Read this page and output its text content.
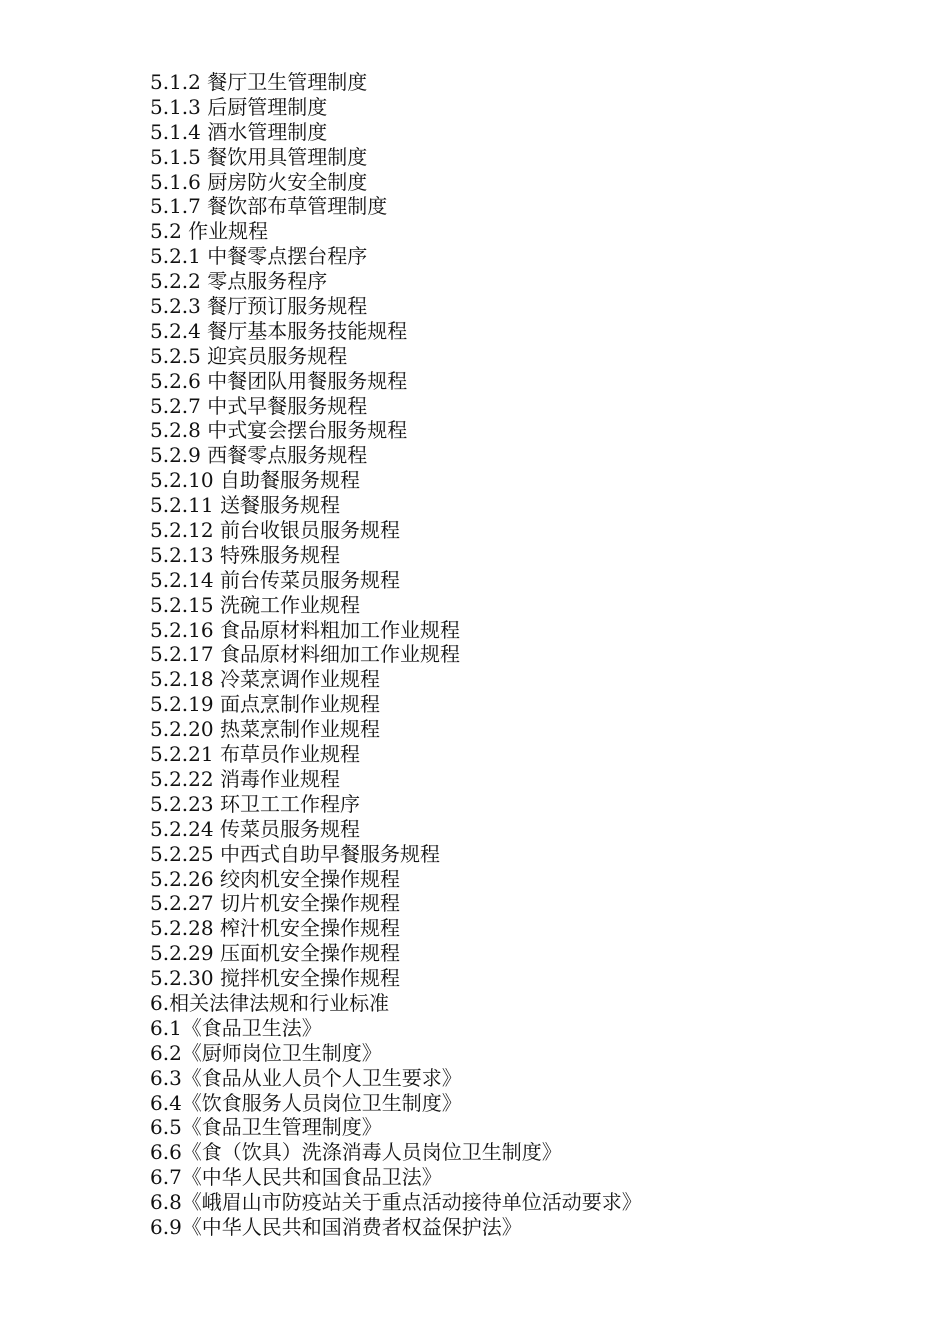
5.1.2 餐厅卫生管理制度
5.1.3 后厨管理制度
5.1.4 酒水管理制度
5.1.5 餐饮用具管理制度
5.1.6 厨房防火安全制度
5.1.7 餐饮部布草管理制度
5.2 作业规程
5.2.1 中餐零点摆台程序
5.2.2 零点服务程序
5.2.3 餐厅预订服务规程
5.2.4 餐厅基本服务技能规程
5.2.5 迎宾员服务规程
5.2.6 中餐团队用餐服务规程
5.2.7 中式早餐服务规程
5.2.8 中式宴会摆台服务规程
5.2.9 西餐零点服务规程
5.2.10 自助餐服务规程
5.2.11 送餐服务规程
5.2.12 前台收银员服务规程
5.2.13 特殊服务规程
5.2.14 前台传菜员服务规程
5.2.15 洗碗工作业规程
5.2.16 食品原材料粗加工作业规程
5.2.17 食品原材料细加工作业规程
5.2.18 冷菜烹调作业规程
5.2.19 面点烹制作业规程
5.2.20 热菜烹制作业规程
5.2.21 布草员作业规程
5.2.22 消毒作业规程
5.2.23 环卫工工作程序
5.2.24 传菜员服务规程
5.2.25 中西式自助早餐服务规程
5.2.26 绞肉机安全操作规程
5.2.27 切片机安全操作规程
5.2.28 榨汁机安全操作规程
5.2.29 压面机安全操作规程
5.2.30 搅拌机安全操作规程
6.相关法律法规和行业标准
6.1《食品卫生法》
6.2《厨师岗位卫生制度》
6.3《食品从业人员个人卫生要求》
6.4《饮食服务人员岗位卫生制度》
6.5《食品卫生管理制度》
6.6《食（饮具）洗涤消毒人员岗位卫生制度》
6.7《中华人民共和国食品卫法》
6.8《峨眉山市防疫站关于重点活动接待单位活动要求》
6.9《中华人民共和国消费者权益保护法》
